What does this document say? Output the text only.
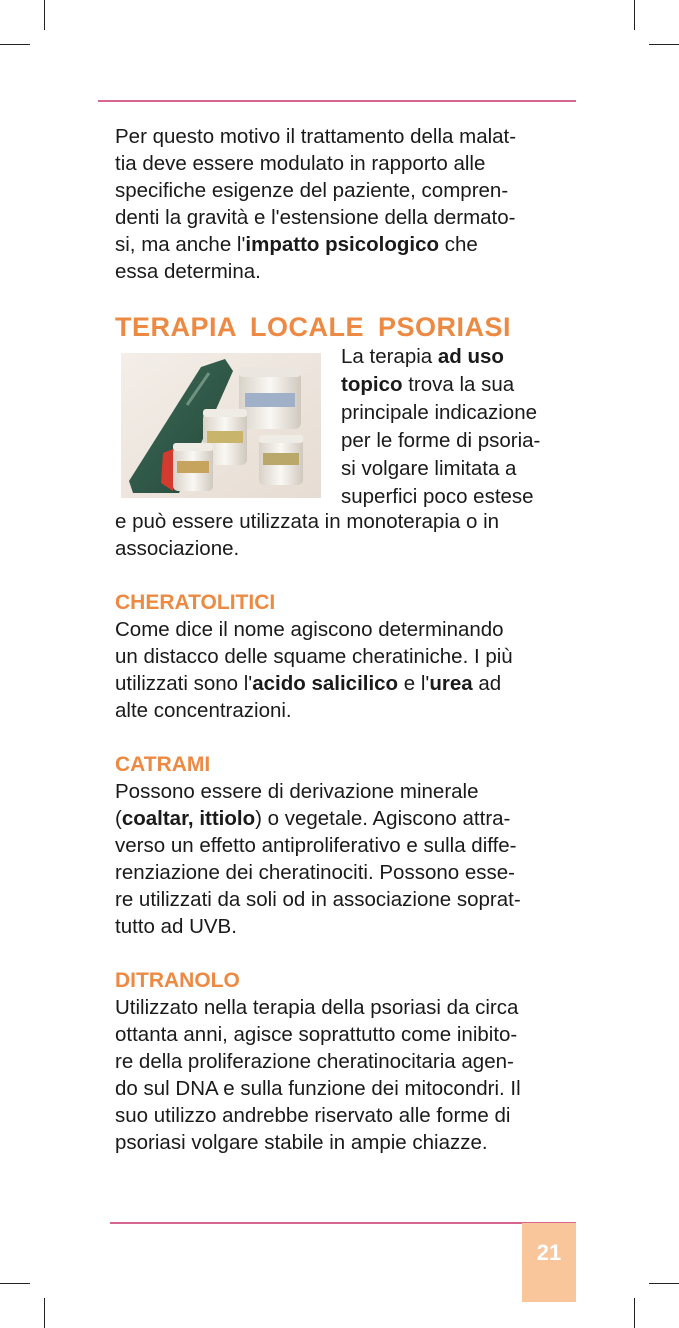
Per questo motivo il trattamento della malat-
tia deve essere modulato in rapporto alle
specifiche esigenze del paziente, compren-
denti la gravità e l'estensione della dermato-
si, ma anche l'impatto psicologico che
essa determina.
TERAPIA LOCALE PSORIASI
La terapia ad uso
topico trova la sua
principale indicazione
per le forme di psoria-
si volgare limitata a
superfici poco estese
e può essere utilizzata in monoterapia o in
associazione.
CHERATOLITICI
Come dice il nome agiscono determinando
un distacco delle squame cheratiniche. I più
utilizzati sono l'acido salicilico e l'urea ad
alte concentrazioni.
CATRAMI
Possono essere di derivazione minerale
(coaltar, ittiolo) o vegetale. Agiscono attra-
verso un effetto antiproliferativo e sulla diffe-
renziazione dei cheratinociti. Possono esse-
re utilizzati da soli od in associazione soprat-
tutto ad UVB.
DITRANOLO
Utilizzato nella terapia della psoriasi da circa
ottanta anni, agisce soprattutto come inibito-
re della proliferazione cheratinocitaria agen-
do sul DNA e sulla funzione dei mitocondri. Il
suo utilizzo andrebbe riservato alle forme di
psoriasi volgare stabile in ampie chiazze.
21
